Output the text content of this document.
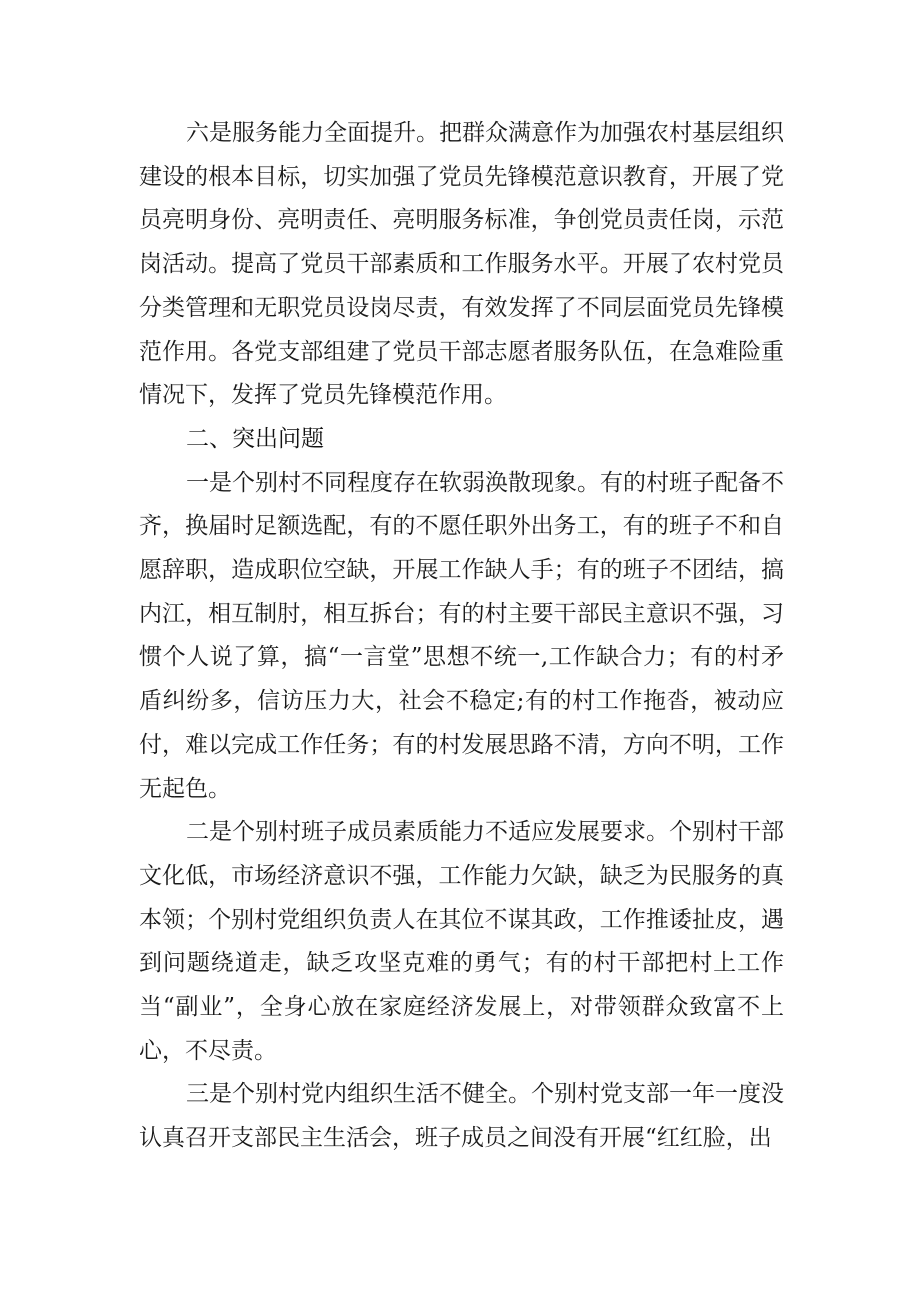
六是服务能力全面提升。把群众满意作为加强农村基层组织建设的根本目标，切实加强了党员先锋模范意识教育，开展了党员亮明身份、亮明责任、亮明服务标准，争创党员责任岗，示范岗活动。提高了党员干部素质和工作服务水平。开展了农村党员分类管理和无职党员设岗尽责，有效发挥了不同层面党员先锋模范作用。各党支部组建了党员干部志愿者服务队伍，在急难险重情况下，发挥了党员先锋模范作用。

二、突出问题

一是个别村不同程度存在软弱涣散现象。有的村班子配备不齐，换届时足额选配，有的不愿任职外出务工，有的班子不和自愿辞职，造成职位空缺，开展工作缺人手；有的班子不团结，搞内江，相互制肘，相互拆台；有的村主要干部民主意识不强，习惯个人说了算，搞“一言堂”思想不统一,工作缺合力；有的村矛盾纠纷多，信访压力大，社会不稳定;有的村工作拖沓，被动应付，难以完成工作任务；有的村发展思路不清，方向不明，工作无起色。

二是个别村班子成员素质能力不适应发展要求。个别村干部文化低，市场经济意识不强，工作能力欠缺，缺乏为民服务的真本领；个别村党组织负责人在其位不谋其政，工作推诿扯皮，遇到问题绕道走，缺乏攻坚克难的勇气；有的村干部把村上工作当“副业”，全身心放在家庭经济发展上，对带领群众致富不上心，不尽责。

三是个别村党内组织生活不健全。个别村党支部一年一度没认真召开支部民主生活会，班子成员之间没有开展“红红脸，出
